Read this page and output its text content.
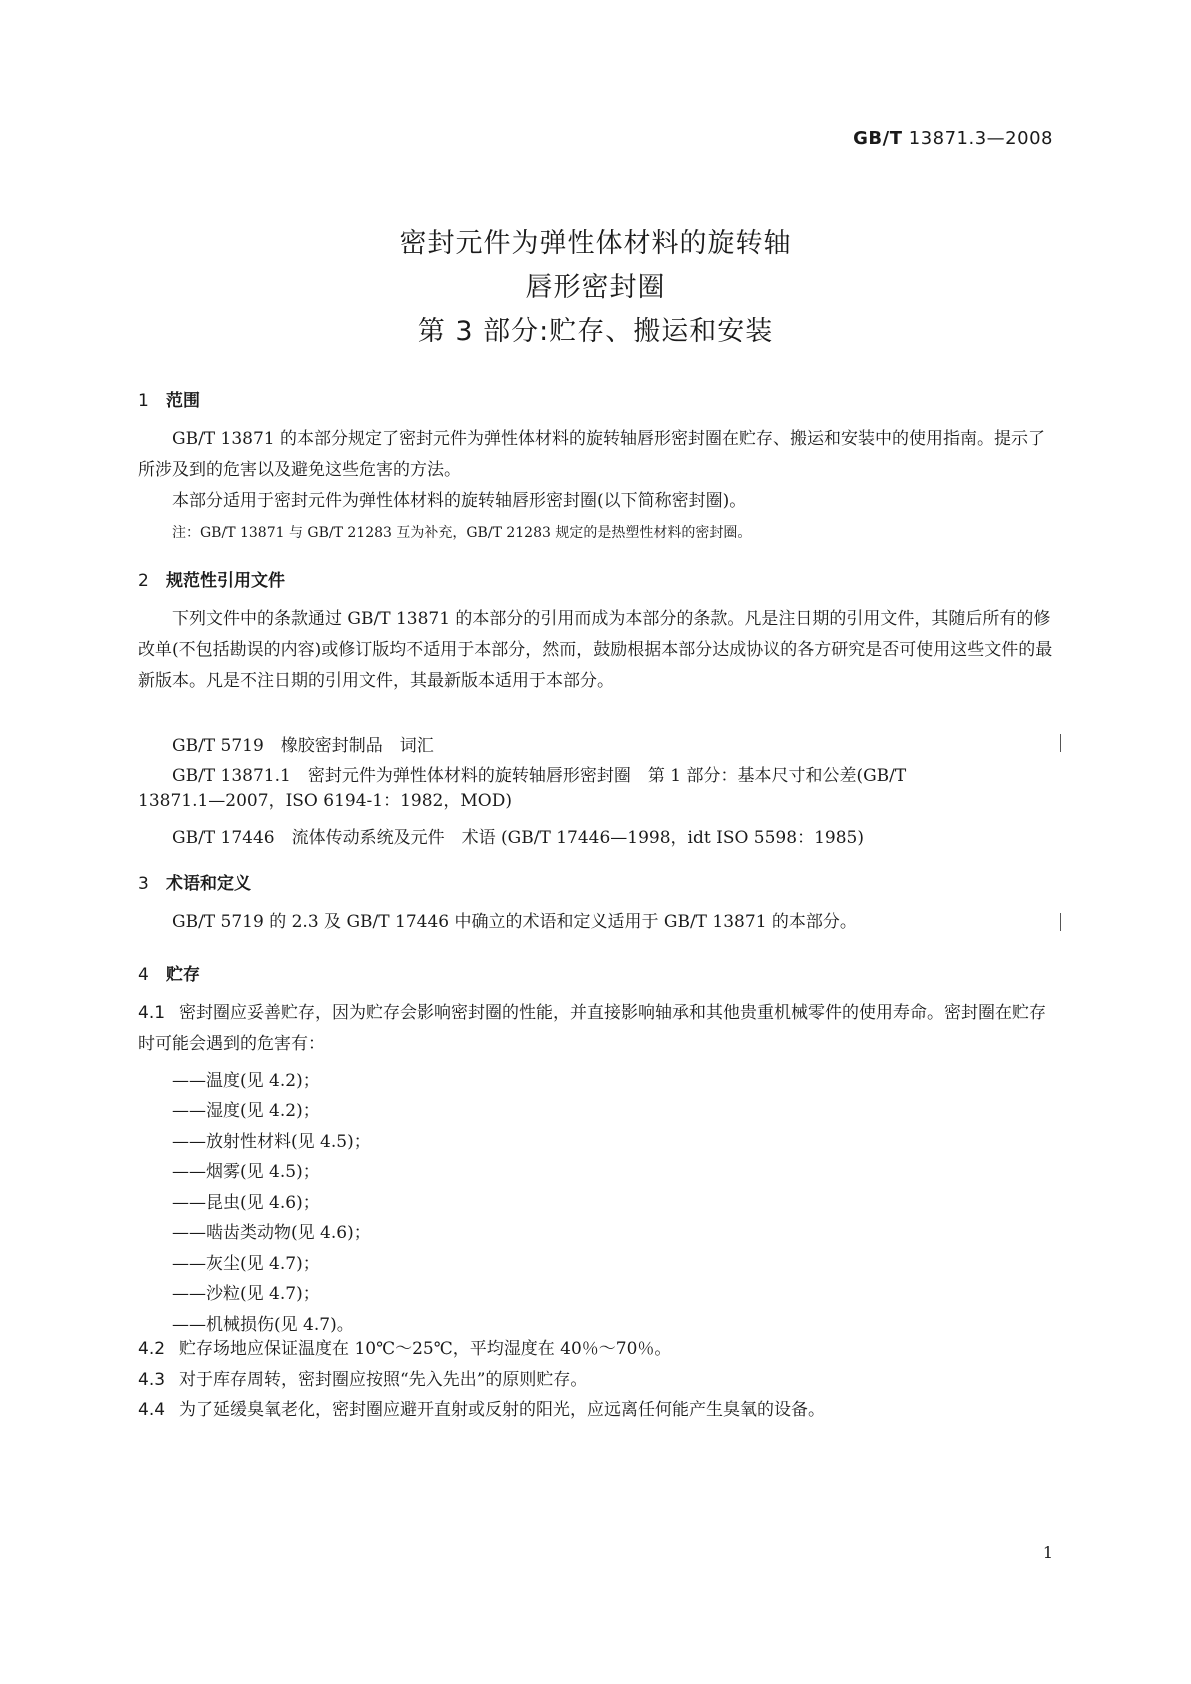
GB/T 13871.3—2008
密封元件为弹性体材料的旋转轴
唇形密封圈
第 3 部分:贮存、搬运和安装
1 范围
GB/T 13871 的本部分规定了密封元件为弹性体材料的旋转轴唇形密封圈在贮存、搬运和安装中的使用指南。提示了所涉及到的危害以及避免这些危害的方法。
本部分适用于密封元件为弹性体材料的旋转轴唇形密封圈(以下简称密封圈)。
注：GB/T 13871 与 GB/T 21283 互为补充，GB/T 21283 规定的是热塑性材料的密封圈。
2 规范性引用文件
下列文件中的条款通过 GB/T 13871 的本部分的引用而成为本部分的条款。凡是注日期的引用文件，其随后所有的修改单(不包括勘误的内容)或修订版均不适用于本部分，然而，鼓励根据本部分达成协议的各方研究是否可使用这些文件的最新版本。凡是不注日期的引用文件，其最新版本适用于本部分。
GB/T 5719　橡胶密封制品　词汇
GB/T 13871.1　密封元件为弹性体材料的旋转轴唇形密封圈　第 1 部分：基本尺寸和公差(GB/T
13871.1—2007，ISO 6194-1：1982，MOD)
GB/T 17446　流体传动系统及元件　术语 (GB/T 17446—1998，idt ISO 5598：1985)
3 术语和定义
GB/T 5719 的 2.3 及 GB/T 17446 中确立的术语和定义适用于 GB/T 13871 的本部分。
4 贮存
4.1 密封圈应妥善贮存，因为贮存会影响密封圈的性能，并直接影响轴承和其他贵重机械零件的使用寿命。密封圈在贮存时可能会遇到的危害有：
——温度(见 4.2)；
——湿度(见 4.2)；
——放射性材料(见 4.5)；
——烟雾(见 4.5)；
——昆虫(见 4.6)；
——啮齿类动物(见 4.6)；
——灰尘(见 4.7)；
——沙粒(见 4.7)；
——机械损伤(见 4.7)。
4.2 贮存场地应保证温度在 10℃～25℃，平均湿度在 40％～70％。
4.3 对于库存周转，密封圈应按照“先入先出”的原则贮存。
4.4 为了延缓臭氧老化，密封圈应避开直射或反射的阳光，应远离任何能产生臭氧的设备。
1
